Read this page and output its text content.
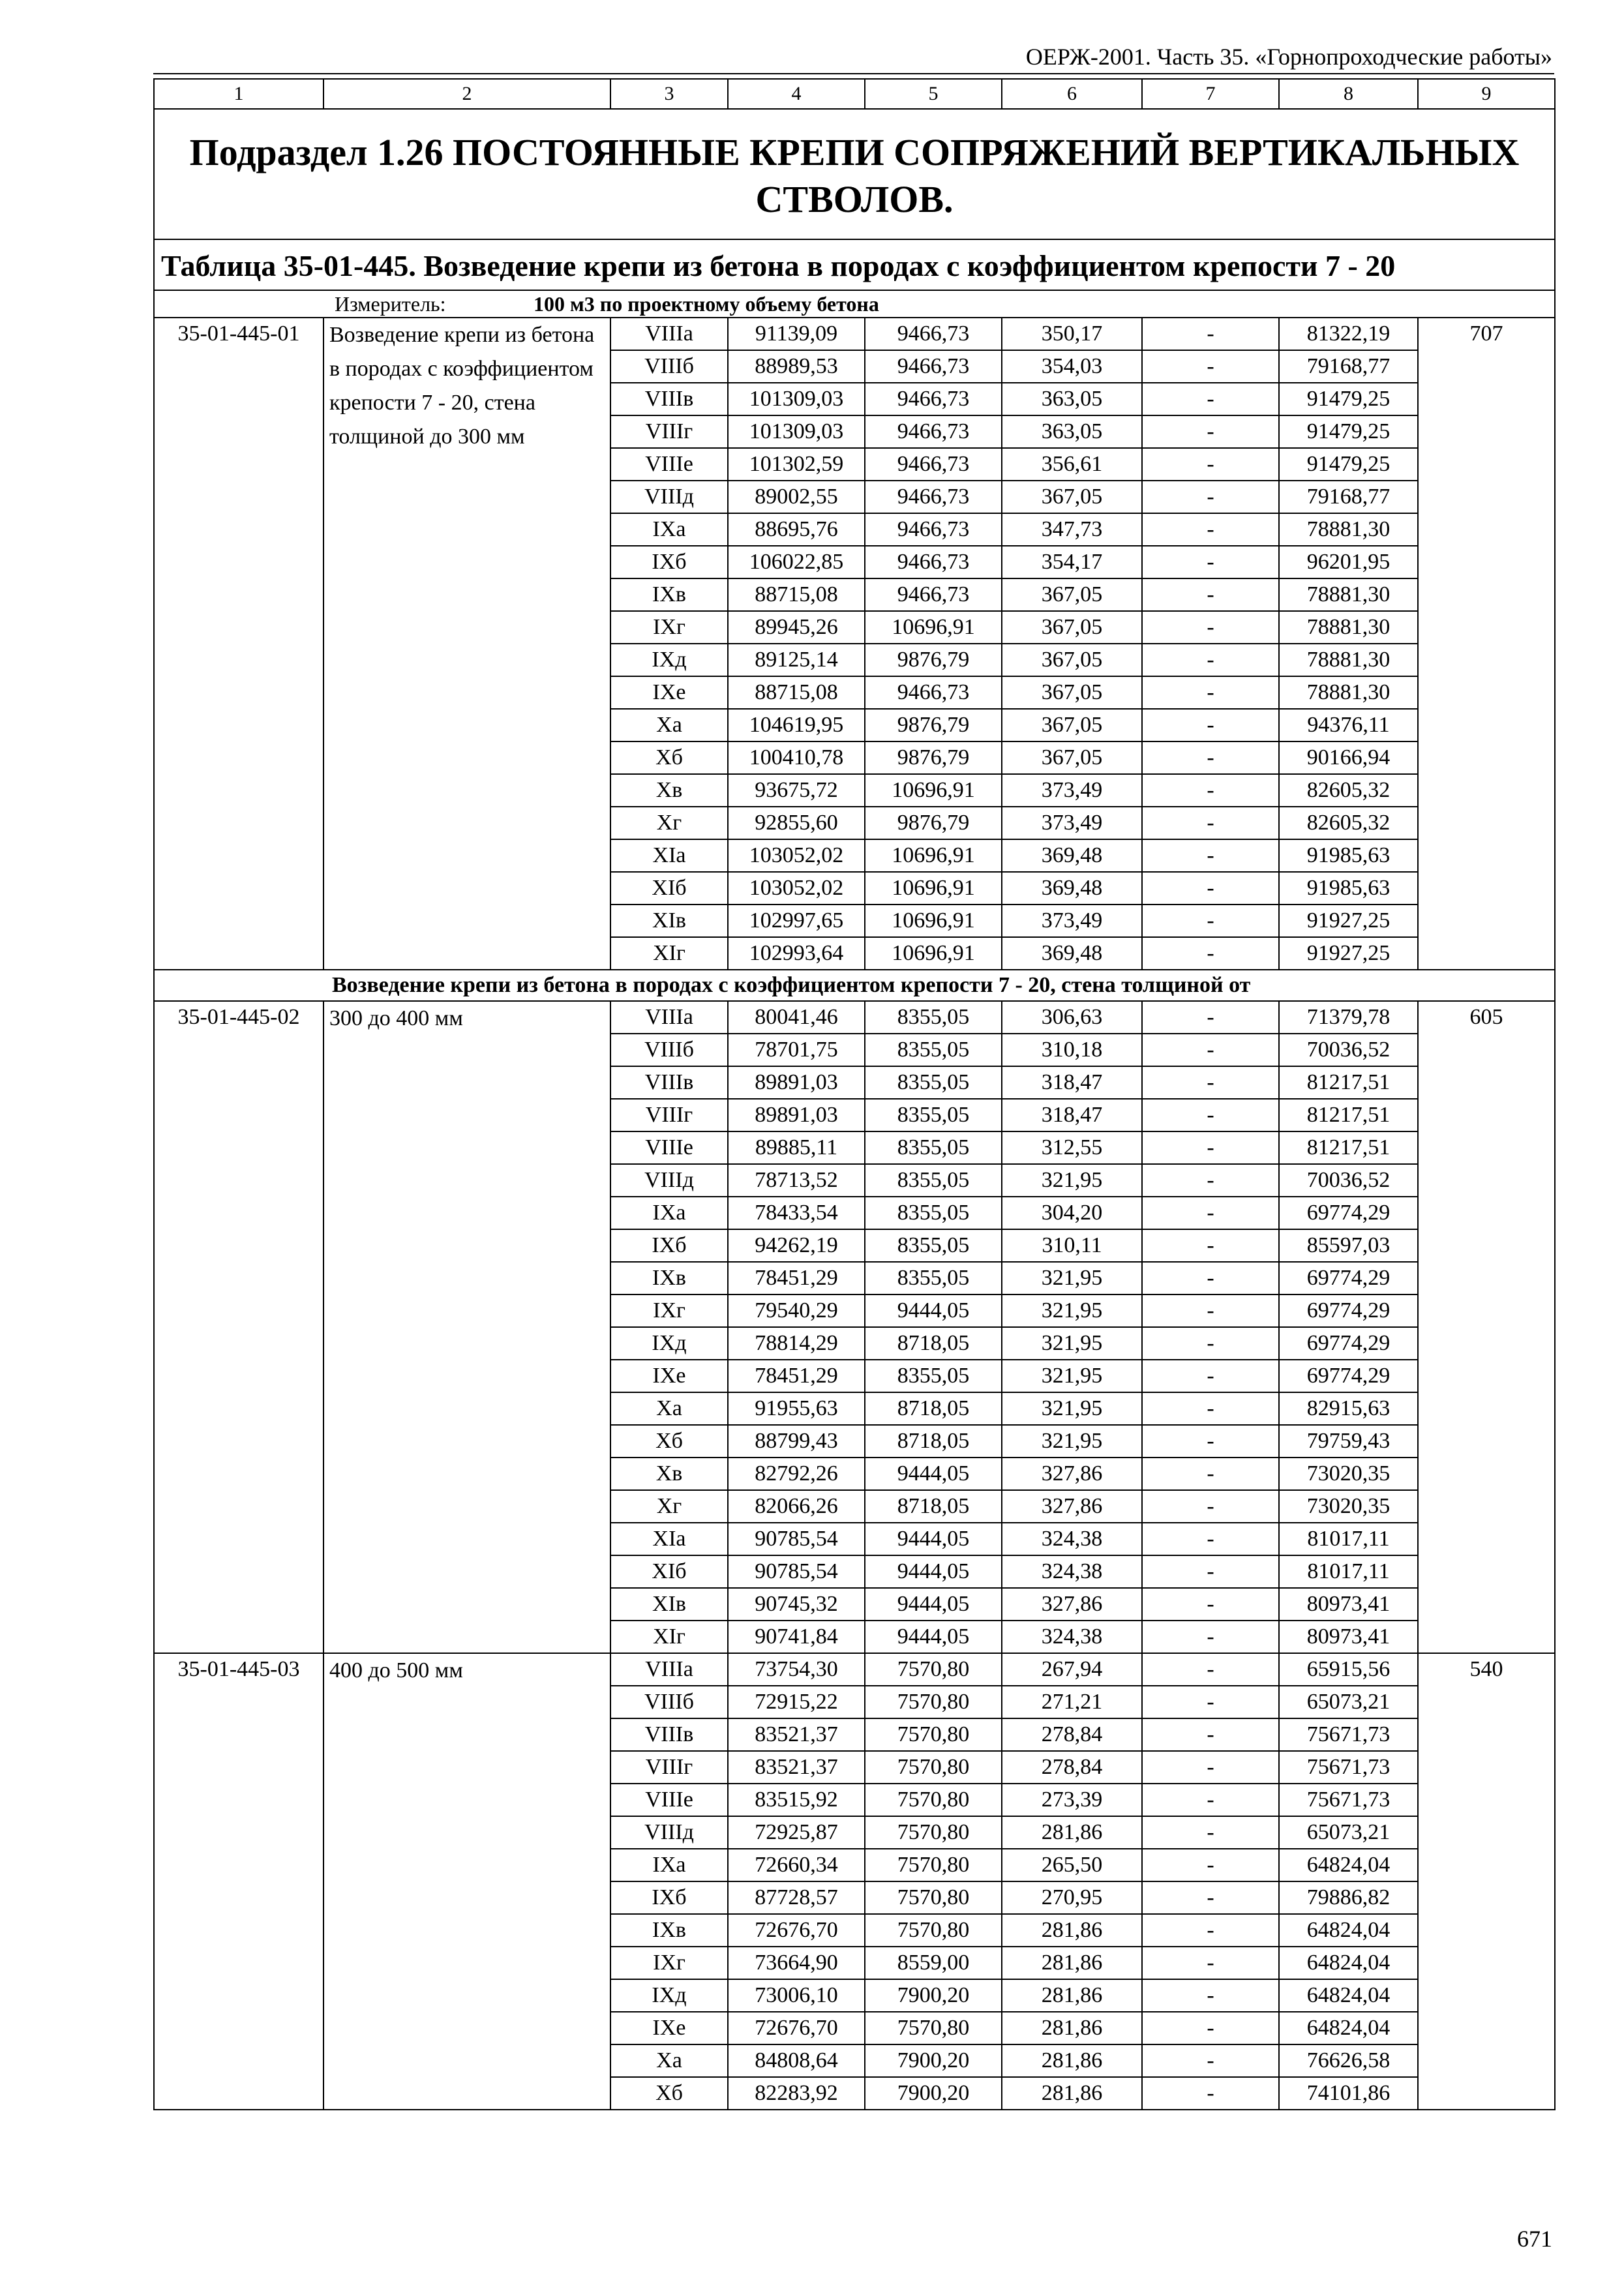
ОЕРЖ-2001. Часть 35. «Горнопроходческие работы»
1	2	3	4	5	6	7	8	9
Подраздел 1.26 ПОСТОЯННЫЕ КРЕПИ СОПРЯЖЕНИЙ ВЕРТИКАЛЬНЫХ СТВОЛОВ.								
Таблица 35-01-445. Возведение крепи из бетона в породах с коэффициентом крепости 7 - 20								
Измеритель: 100 м3 по проектному объему бетона								
35-01-445-01	Возведение крепи из бетона в породах с коэффициентом крепости 7 - 20, стена толщиной до 300 мм	VIIIа	91139,09	9466,73	350,17	-	81322,19	707
		VIIIб	88989,53	9466,73	354,03	-	79168,77	
		VIIIв	101309,03	9466,73	363,05	-	91479,25	
		VIIIг	101309,03	9466,73	363,05	-	91479,25	
		VIIIе	101302,59	9466,73	356,61	-	91479,25	
		VIIIд	89002,55	9466,73	367,05	-	79168,77	
		IXа	88695,76	9466,73	347,73	-	78881,30	
		IXб	106022,85	9466,73	354,17	-	96201,95	
		IXв	88715,08	9466,73	367,05	-	78881,30	
		IXг	89945,26	10696,91	367,05	-	78881,30	
		IXд	89125,14	9876,79	367,05	-	78881,30	
		IXе	88715,08	9466,73	367,05	-	78881,30	
		Xа	104619,95	9876,79	367,05	-	94376,11	
		Xб	100410,78	9876,79	367,05	-	90166,94	
		Xв	93675,72	10696,91	373,49	-	82605,32	
		Xг	92855,60	9876,79	373,49	-	82605,32	
		XIа	103052,02	10696,91	369,48	-	91985,63	
		XIб	103052,02	10696,91	369,48	-	91985,63	
		XIв	102997,65	10696,91	373,49	-	91927,25	
		XIг	102993,64	10696,91	369,48	-	91927,25	
Возведение крепи из бетона в породах с коэффициентом крепости 7 - 20, стена толщиной от								
35-01-445-02	300 до 400 мм	VIIIа	80041,46	8355,05	306,63	-	71379,78	605
		VIIIб	78701,75	8355,05	310,18	-	70036,52	
		VIIIв	89891,03	8355,05	318,47	-	81217,51	
		VIIIг	89891,03	8355,05	318,47	-	81217,51	
		VIIIе	89885,11	8355,05	312,55	-	81217,51	
		VIIIд	78713,52	8355,05	321,95	-	70036,52	
		IXа	78433,54	8355,05	304,20	-	69774,29	
		IXб	94262,19	8355,05	310,11	-	85597,03	
		IXв	78451,29	8355,05	321,95	-	69774,29	
		IXг	79540,29	9444,05	321,95	-	69774,29	
		IXд	78814,29	8718,05	321,95	-	69774,29	
		IXе	78451,29	8355,05	321,95	-	69774,29	
		Xа	91955,63	8718,05	321,95	-	82915,63	
		Xб	88799,43	8718,05	321,95	-	79759,43	
		Xв	82792,26	9444,05	327,86	-	73020,35	
		Xг	82066,26	8718,05	327,86	-	73020,35	
		XIа	90785,54	9444,05	324,38	-	81017,11	
		XIб	90785,54	9444,05	324,38	-	81017,11	
		XIв	90745,32	9444,05	327,86	-	80973,41	
		XIг	90741,84	9444,05	324,38	-	80973,41	
35-01-445-03	400 до 500 мм	VIIIа	73754,30	7570,80	267,94	-	65915,56	540
		VIIIб	72915,22	7570,80	271,21	-	65073,21	
		VIIIв	83521,37	7570,80	278,84	-	75671,73	
		VIIIг	83521,37	7570,80	278,84	-	75671,73	
		VIIIе	83515,92	7570,80	273,39	-	75671,73	
		VIIIд	72925,87	7570,80	281,86	-	65073,21	
		IXа	72660,34	7570,80	265,50	-	64824,04	
		IXб	87728,57	7570,80	270,95	-	79886,82	
		IXв	72676,70	7570,80	281,86	-	64824,04	
		IXг	73664,90	8559,00	281,86	-	64824,04	
		IXд	73006,10	7900,20	281,86	-	64824,04	
		IXе	72676,70	7570,80	281,86	-	64824,04	
		Xа	84808,64	7900,20	281,86	-	76626,58	
		Xб	82283,92	7900,20	281,86	-	74101,86	
671
